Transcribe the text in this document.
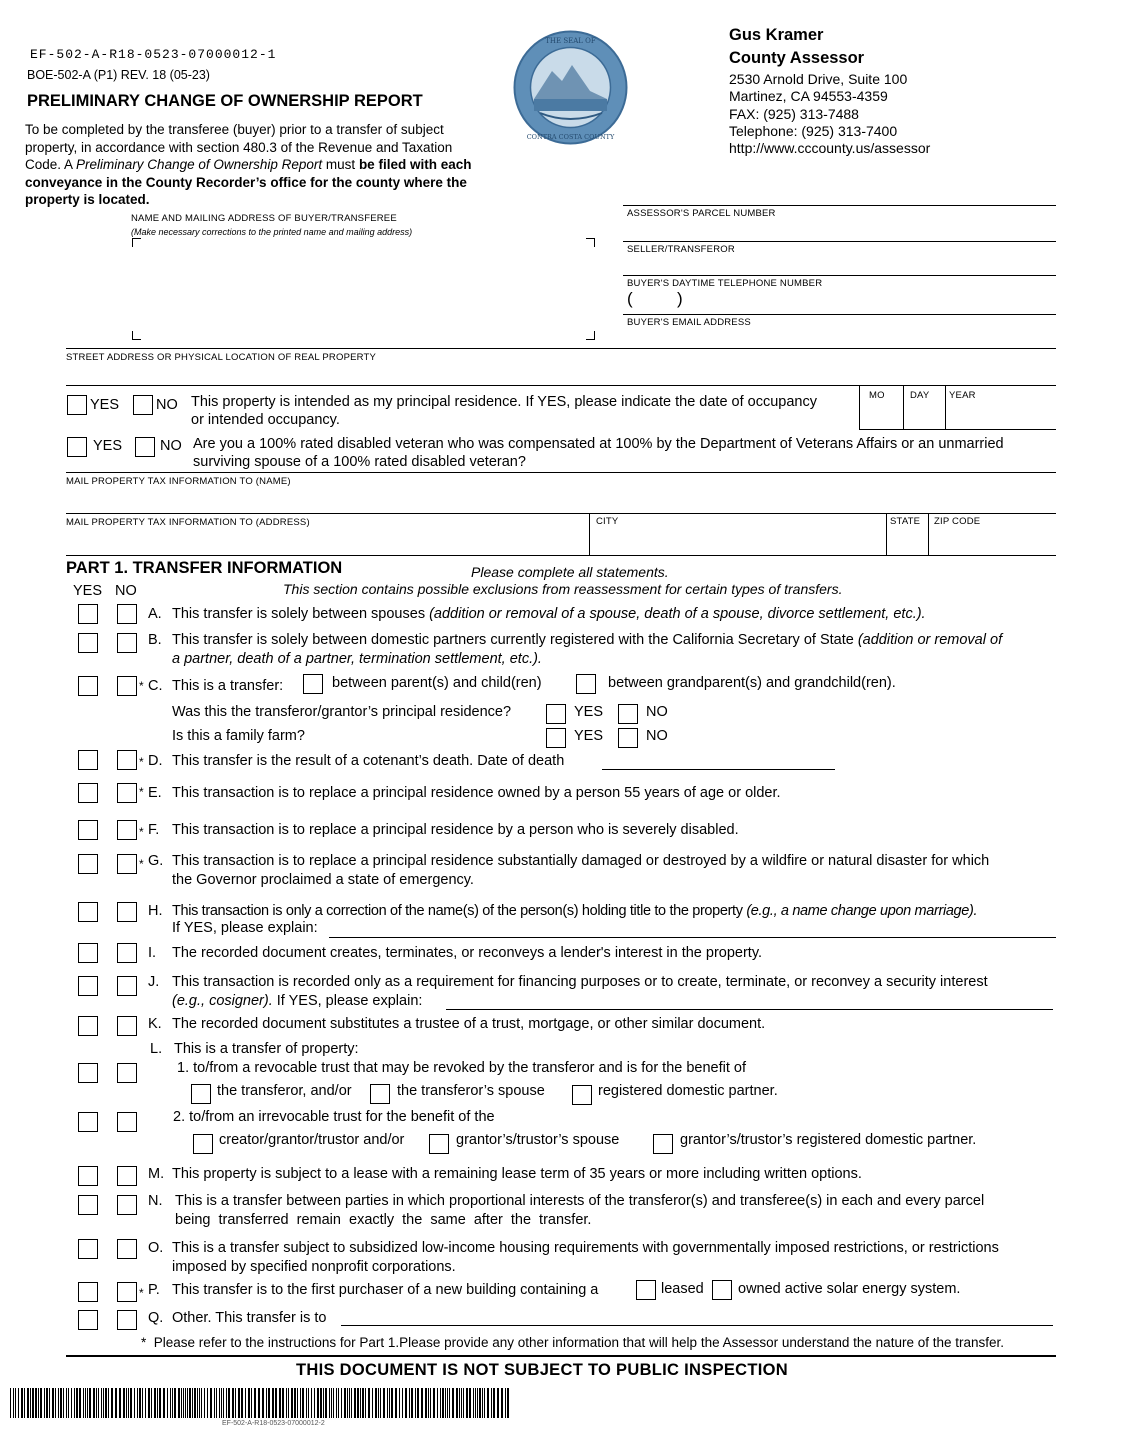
EF-502-A-R18-0523-07000012-1
BOE-502-A (P1) REV. 18 (05-23)
PRELIMINARY CHANGE OF OWNERSHIP REPORT
To be completed by the transferee (buyer) prior to a transfer of subject
property, in accordance with section 480.3 of the Revenue and Taxation
Code. A Preliminary Change of Ownership Report must be filed with each
conveyance in the County Recorder’s office for the county where the
property is located.
THE SEAL OF
CONTRA COSTA COUNTY
Gus Kramer
County Assessor
2530 Arnold Drive, Suite 100
Martinez, CA 94553-4359
FAX: (925) 313-7488
Telephone: (925) 313-7400
http://www.cccounty.us/assessor
NAME AND MAILING ADDRESS OF BUYER/TRANSFEREE
(Make necessary corrections to the printed name and mailing address)
ASSESSOR'S PARCEL NUMBER
SELLER/TRANSFEROR
BUYER'S DAYTIME TELEPHONE NUMBER
(	)
BUYER'S EMAIL ADDRESS
STREET ADDRESS OR PHYSICAL LOCATION OF REAL PROPERTY
YES	NO This property is intended as my principal residence. If YES, please indicate the date of occupancy
or intended occupancy.
MO	DAY YEAR
YES	NO Are you a 100% rated disabled veteran who was compensated at 100% by the Department of Veterans Affairs or an unmarried
surviving spouse of a 100% rated disabled veteran?
MAIL PROPERTY TAX INFORMATION TO (NAME)
MAIL PROPERTY TAX INFORMATION TO (ADDRESS)	CITY	STATE ZIP CODE
PART 1. TRANSFER INFORMATION	Please complete all statements.
This section contains possible exclusions from reassessment for certain types of transfers.
YES NO
A. This transfer is solely between spouses (addition or removal of a spouse, death of a spouse, divorce settlement, etc.).
B. This transfer is solely between domestic partners currently registered with the California Secretary of State (addition or removal of
a partner, death of a partner, termination settlement, etc.).
* C. This is a transfer:	between parent(s) and child(ren)	between grandparent(s) and grandchild(ren).
Was this the transferor/grantor’s principal residence?	YES	NO
Is this a family farm?	YES	NO
* D. This transfer is the result of a cotenant’s death. Date of death
* E. This transaction is to replace a principal residence owned by a person 55 years of age or older.
* F. This transaction is to replace a principal residence by a person who is severely disabled.
* G. This transaction is to replace a principal residence substantially damaged or destroyed by a wildfire or natural disaster for which
the Governor proclaimed a state of emergency.
H. This transaction is only a correction of the name(s) of the person(s) holding title to the property (e.g., a name change upon marriage).
If YES, please explain:
I. The recorded document creates, terminates, or reconveys a lender's interest in the property.
J. This transaction is recorded only as a requirement for financing purposes or to create, terminate, or reconvey a security interest
(e.g., cosigner). If YES, please explain:
K. The recorded document substitutes a trustee of a trust, mortgage, or other similar document.
L. This is a transfer of property:
1. to/from a revocable trust that may be revoked by the transferor and is for the benefit of
the transferor, and/or	the transferor’s spouse	registered domestic partner.
2. to/from an irrevocable trust for the benefit of the
creator/grantor/trustor and/or	grantor’s/trustor’s spouse	grantor’s/trustor’s registered domestic partner.
M. This property is subject to a lease with a remaining lease term of 35 years or more including written options.
N. This is a transfer between parties in which proportional interests of the transferor(s) and transferee(s) in each and every parcel
being transferred remain exactly the same after the transfer.
O. This is a transfer subject to subsidized low-income housing requirements with governmentally imposed restrictions, or restrictions
imposed by specified nonprofit corporations.
* P. This transfer is to the first purchaser of a new building containing a	leased owned active solar energy system.
Q. Other. This transfer is to
* Please refer to the instructions for Part 1.Please provide any other information that will help the Assessor understand the nature of the transfer.
THIS DOCUMENT IS NOT SUBJECT TO PUBLIC INSPECTION
EF-502-A-R18-0523-07000012-2
